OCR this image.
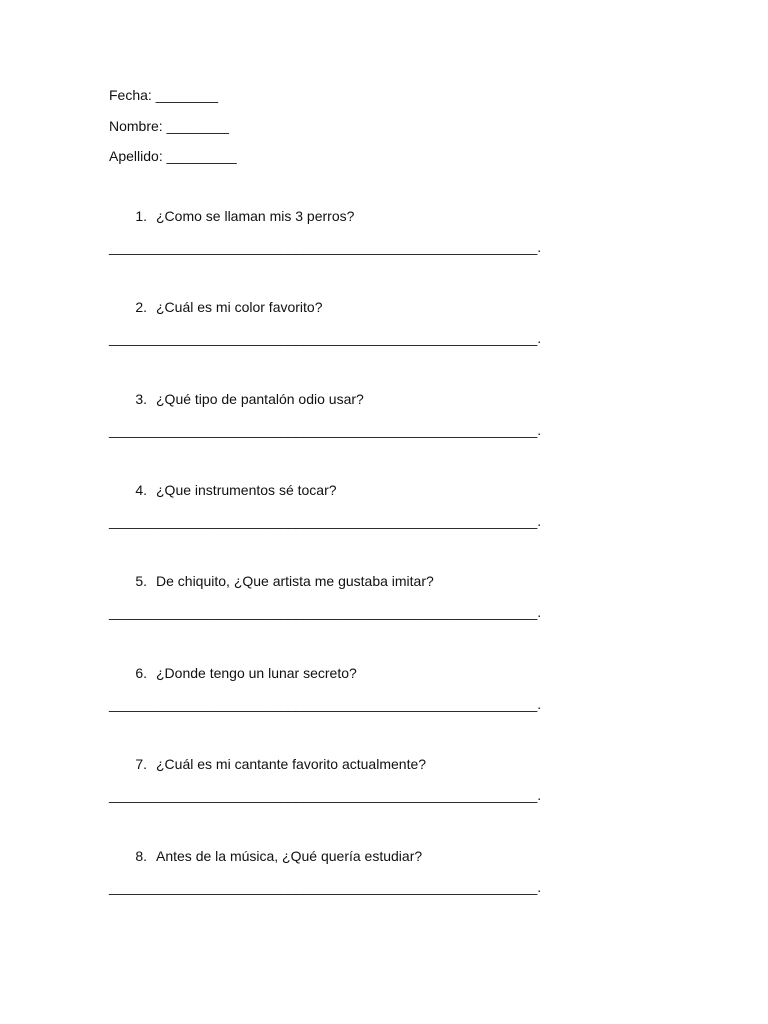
Fecha: ________
Nombre: ________
Apellido: _________
1. ¿Como se llaman mis 3 perros?
_______________________________________________________.
2. ¿Cuál es mi color favorito?
_______________________________________________________.
3. ¿Qué tipo de pantalón odio usar?
_______________________________________________________.
4. ¿Que instrumentos sé tocar?
_______________________________________________________.
5. De chiquito, ¿Que artista me gustaba imitar?
_______________________________________________________.
6. ¿Donde tengo un lunar secreto?
_______________________________________________________.
7. ¿Cuál es mi cantante favorito actualmente?
_______________________________________________________.
8. Antes de la música, ¿Qué quería estudiar?
_______________________________________________________.
